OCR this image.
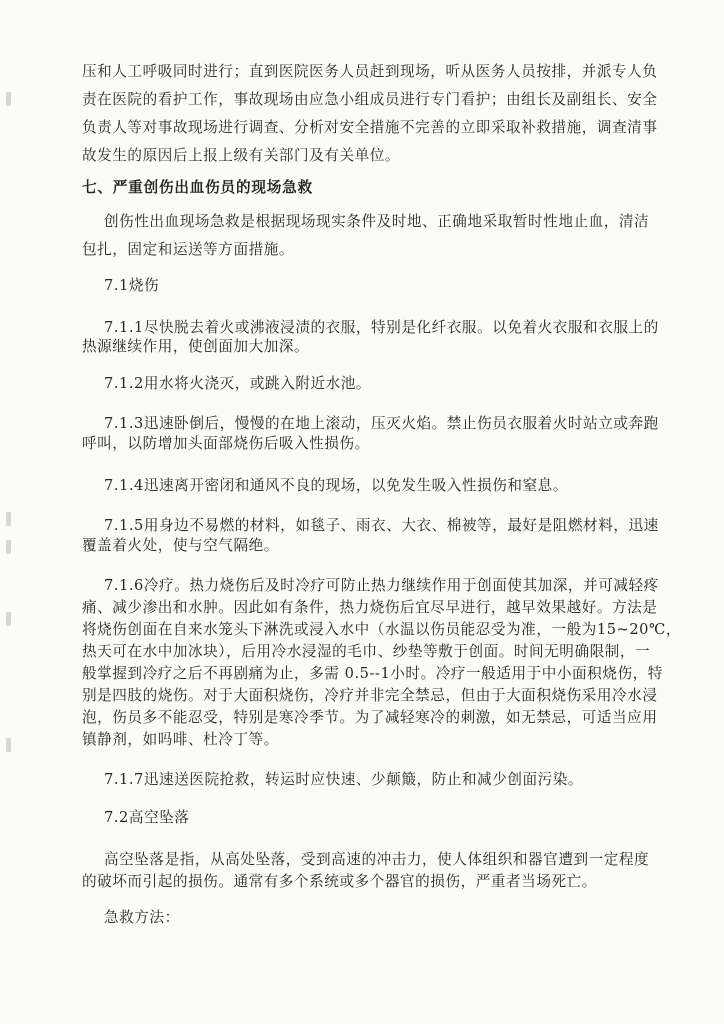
压和人工呼吸同时进行；直到医院医务人员赶到现场，听从医务人员按排，并派专人负

责在医院的看护工作，事故现场由应急小组成员进行专门看护；由组长及副组长、安全

负责人等对事故现场进行调查、分析对安全措施不完善的立即采取补救措施，调查清事

故发生的原因后上报上级有关部门及有关单位。

七、严重创伤出血伤员的现场急救

创伤性出血现场急救是根据现场现实条件及时地、正确地采取暂时性地止血，清洁

包扎，固定和运送等方面措施。

7.1烧伤

7.1.1尽快脱去着火或沸液浸渍的衣服，特别是化纤衣服。以免着火衣服和衣服上的

热源继续作用，使创面加大加深。

7.1.2用水将火浇灭，或跳入附近水池。

7.1.3迅速卧倒后，慢慢的在地上滚动，压灭火焰。禁止伤员衣服着火时站立或奔跑

呼叫，以防增加头面部烧伤后吸入性损伤。

7.1.4迅速离开密闭和通风不良的现场，以免发生吸入性损伤和窒息。

7.1.5用身边不易燃的材料，如毯子、雨衣、大衣、棉被等，最好是阻燃材料，迅速

覆盖着火处，使与空气隔绝。

7.1.6冷疗。热力烧伤后及时冷疗可防止热力继续作用于创面使其加深，并可减轻疼

痛、减少渗出和水肿。因此如有条件，热力烧伤后宜尽早进行，越早效果越好。方法是

将烧伤创面在自来水笼头下淋洗或浸入水中（水温以伤员能忍受为准，一般为15~20℃，

热天可在水中加冰块），后用冷水浸湿的毛巾、纱垫等敷于创面。时间无明确限制，一

般掌握到冷疗之后不再剧痛为止，多需 0.5--1小时。冷疗一般适用于中小面积烧伤，特

别是四肢的烧伤。对于大面积烧伤，冷疗并非完全禁忌，但由于大面积烧伤采用冷水浸

泡，伤员多不能忍受，特别是寒冷季节。为了减轻寒冷的刺激，如无禁忌，可适当应用

镇静剂，如吗啡、杜冷丁等。

7.1.7迅速送医院抢救，转运时应快速、少颠簸，防止和减少创面污染。

7.2高空坠落

高空坠落是指，从高处坠落，受到高速的冲击力，使人体组织和器官遭到一定程度

的破坏而引起的损伤。通常有多个系统或多个器官的损伤，严重者当场死亡。

急救方法：
